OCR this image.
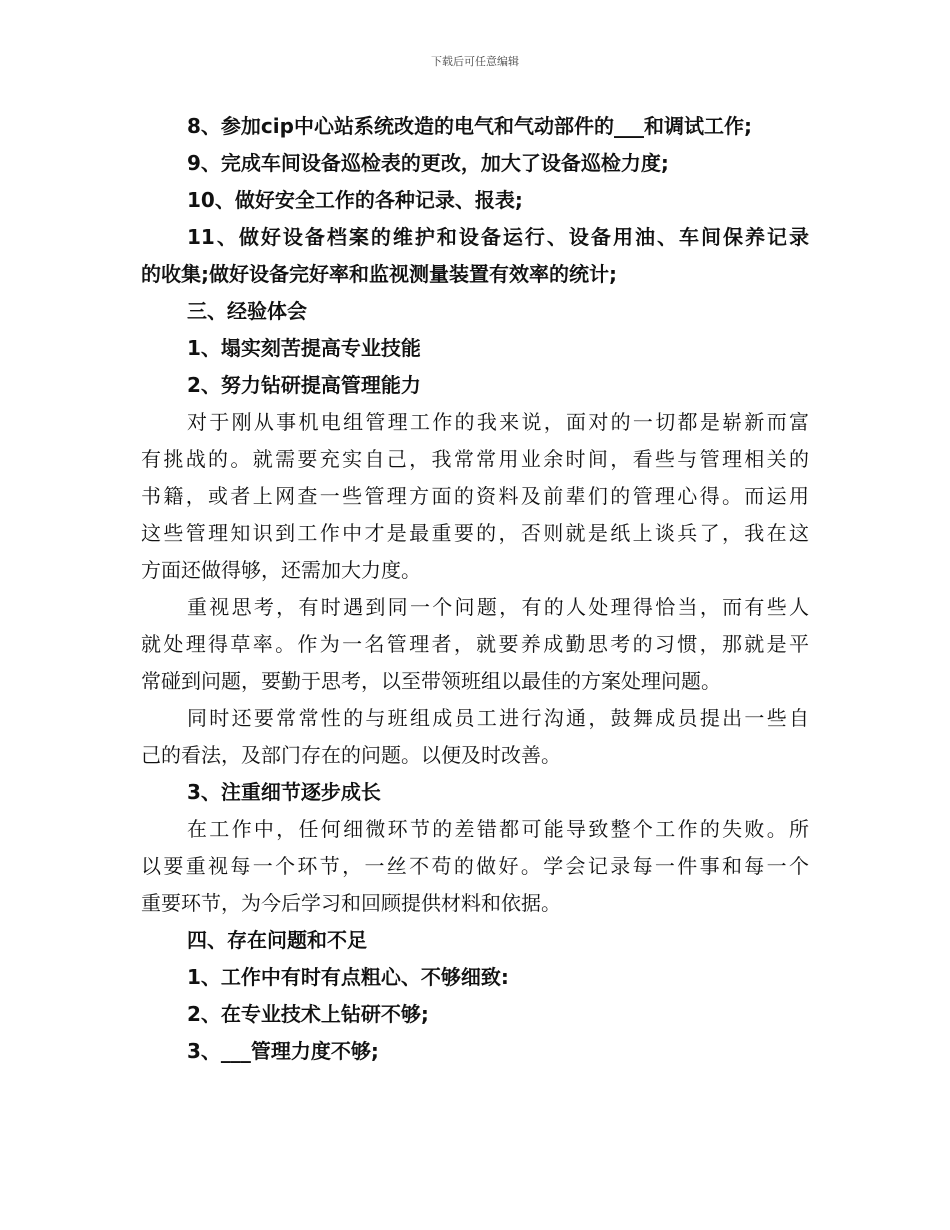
下载后可任意编辑
8、参加cip中心站系统改造的电气和气动部件的___和调试工作;
9、完成车间设备巡检表的更改，加大了设备巡检力度;
10、做好安全工作的各种记录、报表;
11、做好设备档案的维护和设备运行、设备用油、车间保养记录
的收集;做好设备完好率和监视测量装置有效率的统计;
三、经验体会
1、塌实刻苦提高专业技能
2、努力钻研提高管理能力
对于刚从事机电组管理工作的我来说，面对的一切都是崭新而富
有挑战的。就需要充实自己，我常常用业余时间，看些与管理相关的
书籍，或者上网查一些管理方面的资料及前辈们的管理心得。而运用
这些管理知识到工作中才是最重要的，否则就是纸上谈兵了，我在这
方面还做得够，还需加大力度。
重视思考，有时遇到同一个问题，有的人处理得恰当，而有些人
就处理得草率。作为一名管理者，就要养成勤思考的习惯，那就是平
常碰到问题，要勤于思考，以至带领班组以最佳的方案处理问题。
同时还要常常性的与班组成员工进行沟通，鼓舞成员提出一些自
己的看法，及部门存在的问题。以便及时改善。
3、注重细节逐步成长
在工作中，任何细微环节的差错都可能导致整个工作的失败。所
以要重视每一个环节，一丝不苟的做好。学会记录每一件事和每一个
重要环节，为今后学习和回顾提供材料和依据。
四、存在问题和不足
1、工作中有时有点粗心、不够细致:
2、在专业技术上钻研不够;
3、___管理力度不够;
